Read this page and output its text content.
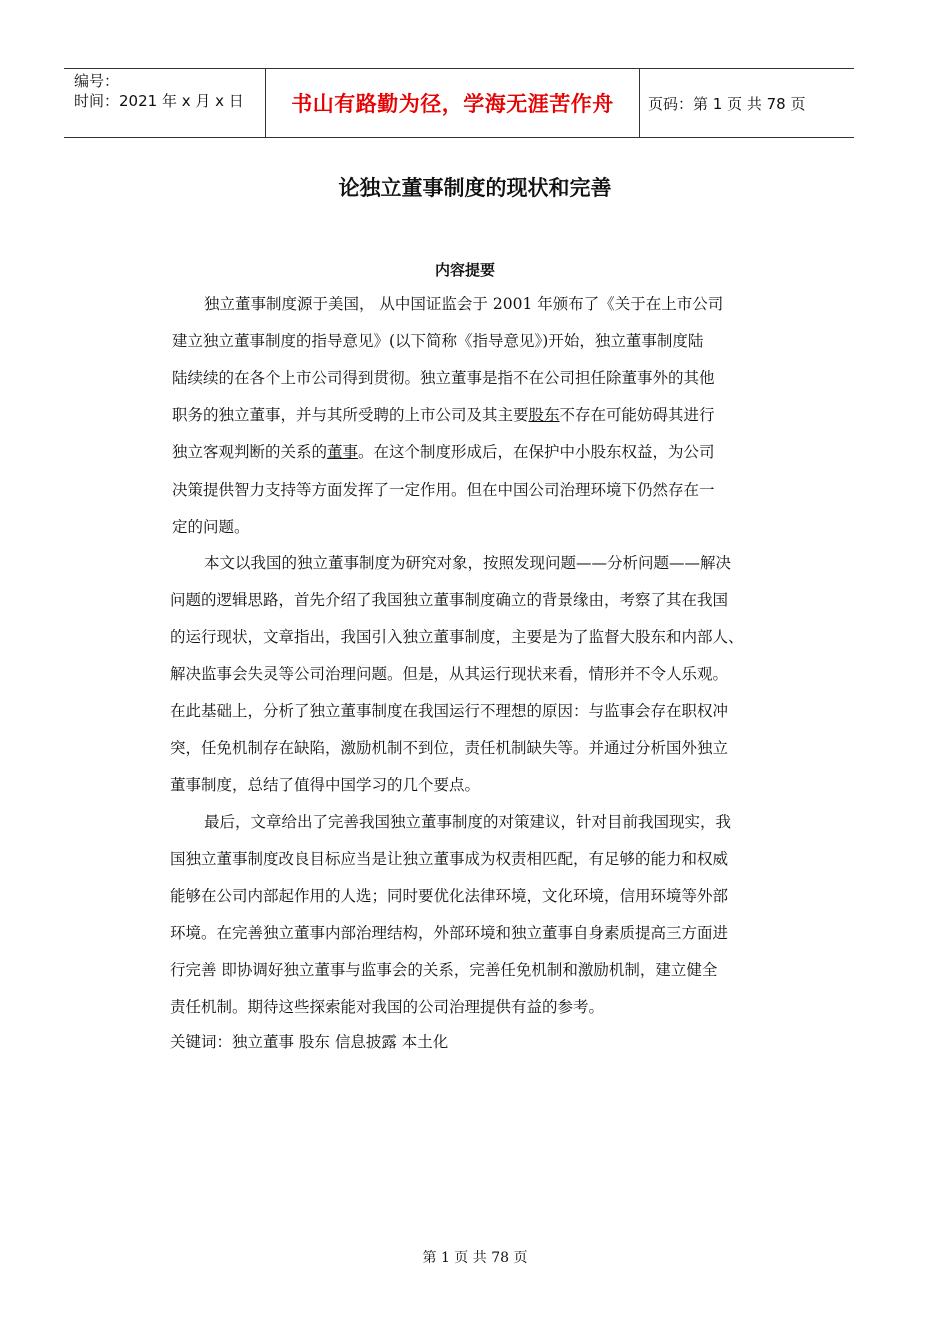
编号：
时间：2021 年 x 月 x 日	书山有路勤为径，学海无涯苦作舟	页码：第 1 页 共 78 页
论独立董事制度的现状和完善
内容提要
独立董事制度源于美国， 从中国证监会于 2001 年颁布了《关于在上市公司
建立独立董事制度的指导意见》(以下简称《指导意见》)开始，独立董事制度陆
陆续续的在各个上市公司得到贯彻。独立董事是指不在公司担任除董事外的其他
职务的独立董事，并与其所受聘的上市公司及其主要股东不存在可能妨碍其进行
独立客观判断的关系的董事。在这个制度形成后，在保护中小股东权益，为公司
决策提供智力支持等方面发挥了一定作用。但在中国公司治理环境下仍然存在一
定的问题。
本文以我国的独立董事制度为研究对象，按照发现问题——分析问题——解决
问题的逻辑思路，首先介绍了我国独立董事制度确立的背景缘由，考察了其在我国
的运行现状，文章指出，我国引入独立董事制度，主要是为了监督大股东和内部人、
解决监事会失灵等公司治理问题。但是，从其运行现状来看，情形并不令人乐观。
在此基础上，分析了独立董事制度在我国运行不理想的原因：与监事会存在职权冲
突，任免机制存在缺陷，激励机制不到位，责任机制缺失等。并通过分析国外独立
董事制度，总结了值得中国学习的几个要点。
最后，文章给出了完善我国独立董事制度的对策建议，针对目前我国现实，我
国独立董事制度改良目标应当是让独立董事成为权责相匹配，有足够的能力和权威
能够在公司内部起作用的人选；同时要优化法律环境，文化环境，信用环境等外部
环境。在完善独立董事内部治理结构，外部环境和独立董事自身素质提高三方面进
行完善 即协调好独立董事与监事会的关系，完善任免机制和激励机制，建立健全
责任机制。期待这些探索能对我国的公司治理提供有益的参考。
关键词：独立董事 股东 信息披露 本土化
第 1 页 共 78 页
